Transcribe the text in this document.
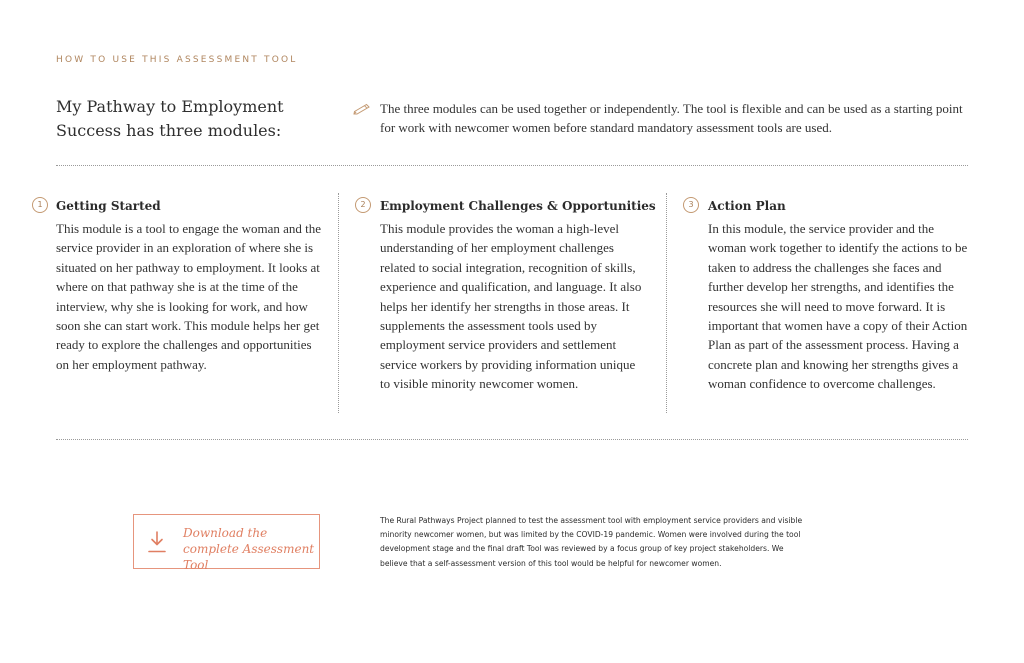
HOW TO USE THIS ASSESSMENT TOOL
My Pathway to Employment Success has three modules:
The three modules can be used together or independently. The tool is flexible and can be used as a starting point for work with newcomer women before standard mandatory assessment tools are used.
1	Getting Started
This module is a tool to engage the woman and the service provider in an exploration of where she is situated on her pathway to employment. It looks at where on that pathway she is at the time of the interview, why she is looking for work, and how soon she can start work. This module helps her get ready to explore the challenges and opportunities on her employment pathway.
2	Employment Challenges & Opportunities
This module provides the woman a high-level understanding of her employment challenges related to social integration, recognition of skills, experience and qualification, and language. It also helps her identify her strengths in those areas. It supplements the assessment tools used by employment service providers and settlement service workers by providing information unique to visible minority newcomer women.
3	Action Plan
In this module, the service provider and the woman work together to identify the actions to be taken to address the challenges she faces and further develop her strengths, and identifies the resources she will need to move forward. It is important that women have a copy of their Action Plan as part of the assessment process. Having a concrete plan and knowing her strengths gives a woman confidence to overcome challenges.
Download the complete Assessment Tool
The Rural Pathways Project planned to test the assessment tool with employment service providers and visible minority newcomer women, but was limited by the COVID-19 pandemic. Women were involved during the tool development stage and the final draft Tool was reviewed by a focus group of key project stakeholders. We believe that a self-assessment version of this tool would be helpful for newcomer women.
